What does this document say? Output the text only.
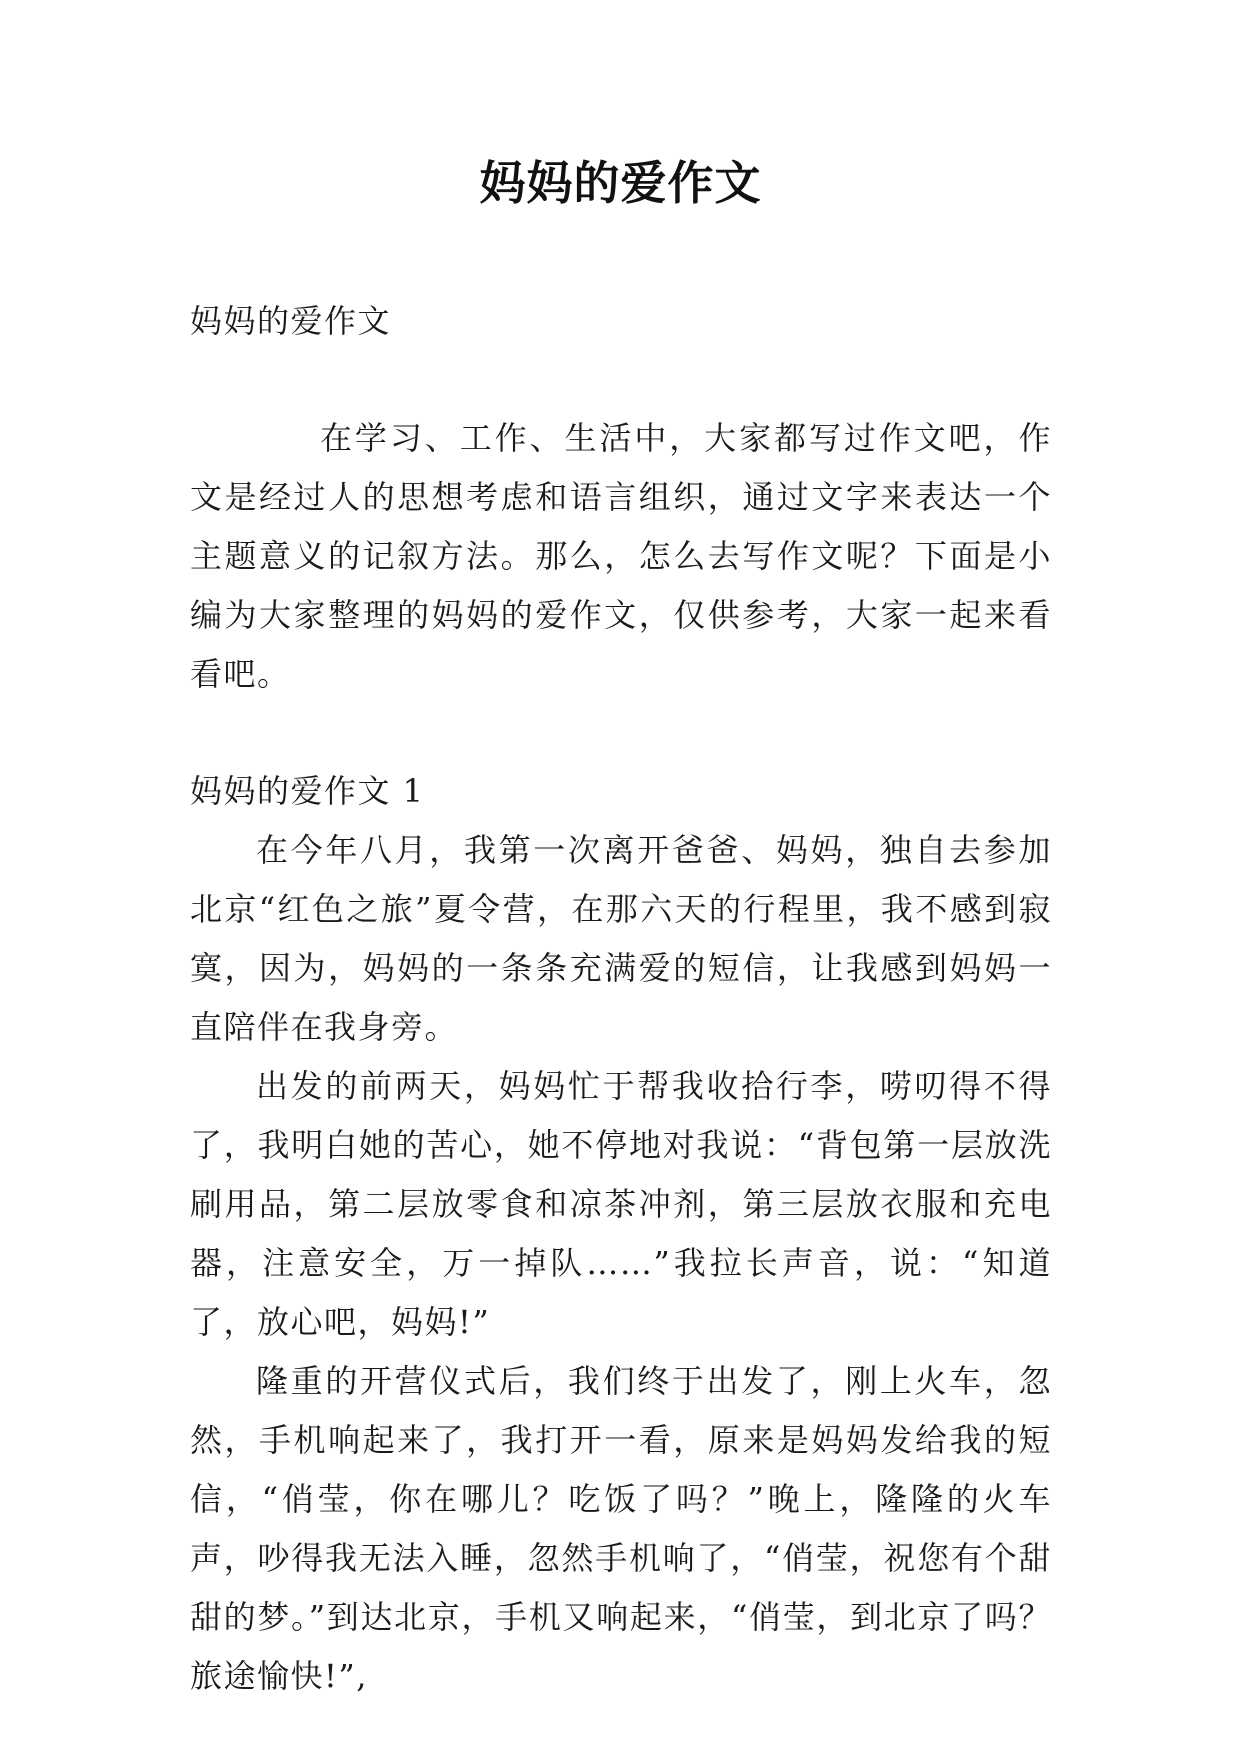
妈妈的爱作文

妈妈的爱作文

在学习、工作、生活中，大家都写过作文吧，作文是经过人的思想考虑和语言组织，通过文字来表达一个主题意义的记叙方法。那么，怎么去写作文呢？下面是小编为大家整理的妈妈的爱作文，仅供参考，大家一起来看看吧。

妈妈的爱作文 1

在今年八月，我第一次离开爸爸、妈妈，独自去参加北京“红色之旅”夏令营，在那六天的行程里，我不感到寂寞，因为，妈妈的一条条充满爱的短信，让我感到妈妈一直陪伴在我身旁。

出发的前两天，妈妈忙于帮我收拾行李，唠叨得不得了，我明白她的苦心，她不停地对我说：“背包第一层放洗刷用品，第二层放零食和凉茶冲剂，第三层放衣服和充电器，注意安全，万一掉队……”我拉长声音，说：“知道了，放心吧，妈妈!”

隆重的开营仪式后，我们终于出发了，刚上火车，忽然，手机响起来了，我打开一看，原来是妈妈发给我的短信，“俏莹，你在哪儿？吃饭了吗？”晚上，隆隆的火车声，吵得我无法入睡，忽然手机响了，“俏莹，祝您有个甜甜的梦。”到达北京，手机又响起来，“俏莹，到北京了吗？旅途愉快!”,
